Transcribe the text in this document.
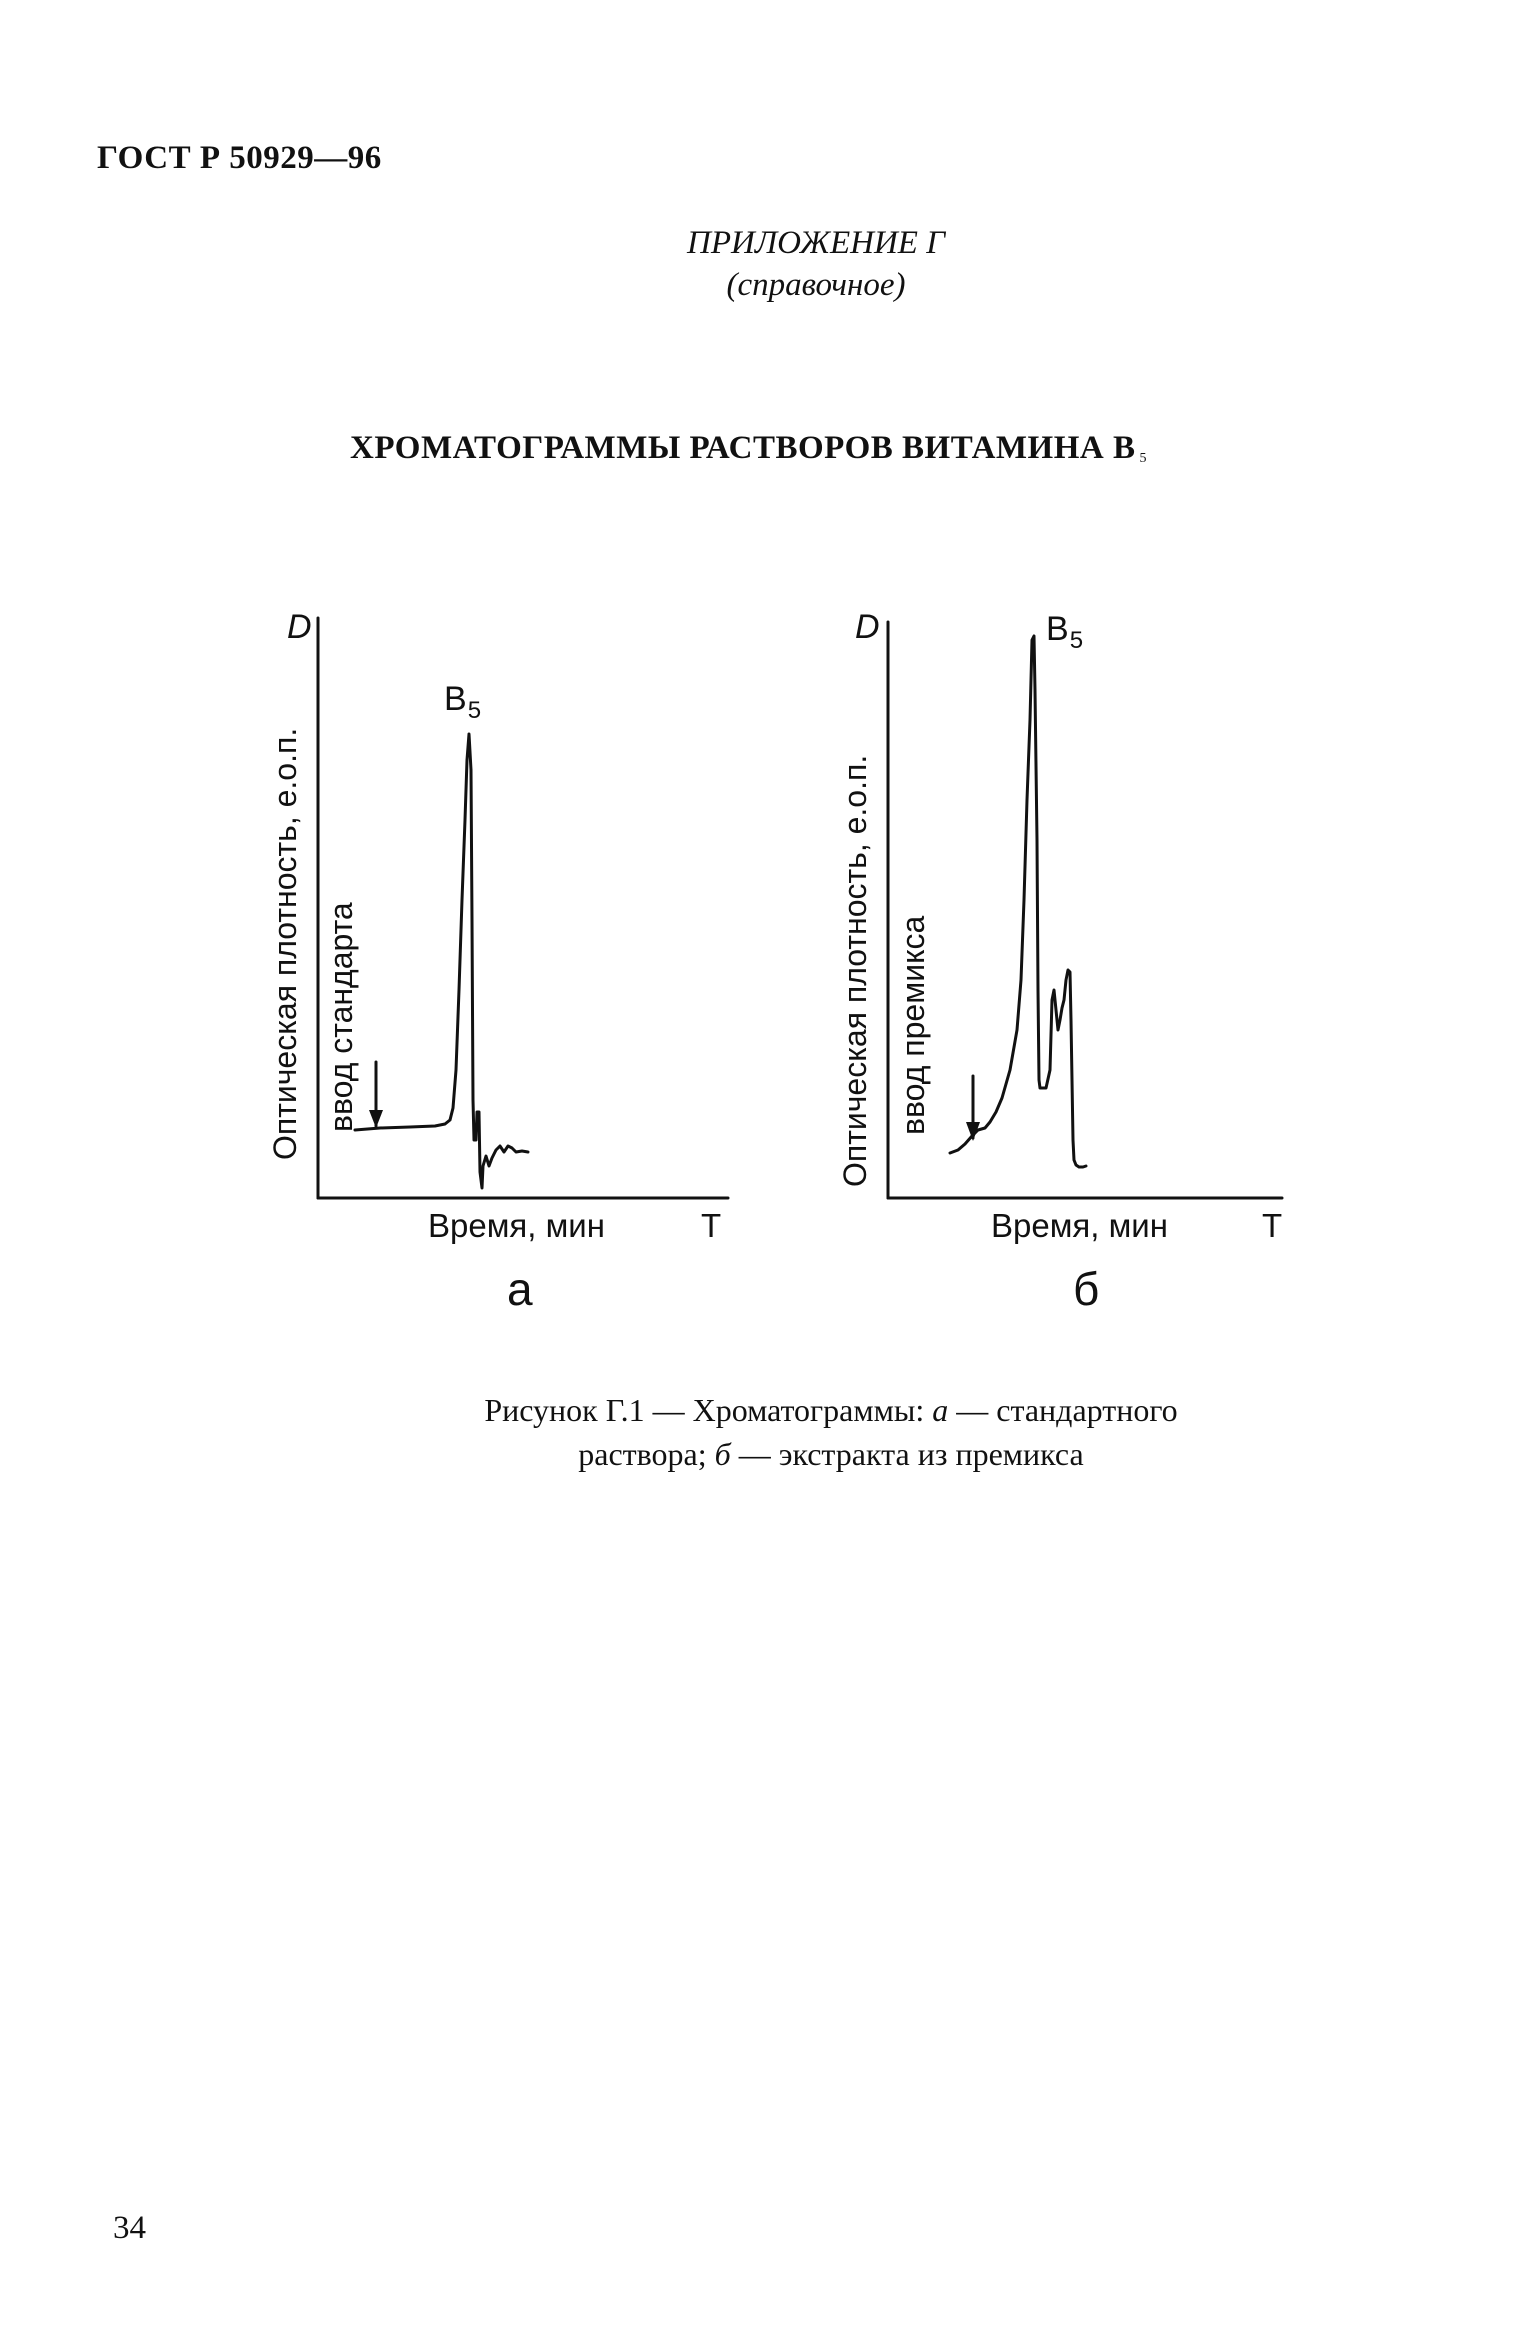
ГОСТ Р 50929—96
ПРИЛОЖЕНИЕ Г
(справочное)
ХРОМАТОГРАММЫ РАСТВОРОВ ВИТАМИНА В $_5$
D
Оптическая плотность, е.о.п. ввод стандарта
$В_5$
Время, мин	T
а
D
Оптическая плотность, е.о.п. ввод премикса
$В_5$
Время, мин	T
б
Рисунок Г.1 — Хроматограммы: а — стандартного
раствора; б — экстракта из премикса
34
